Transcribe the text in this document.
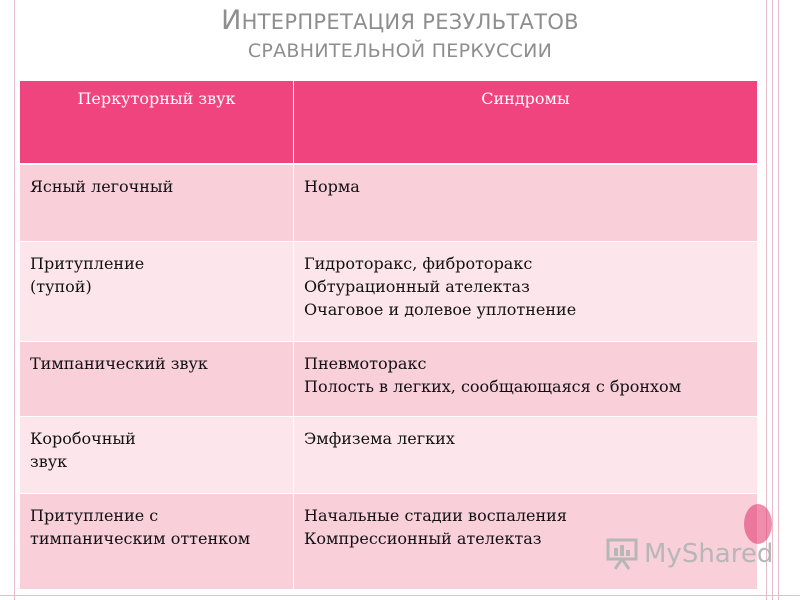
ИНТЕРПРЕТАЦИЯ РЕЗУЛЬТАТОВ
СРАВНИТЕЛЬНОЙ ПЕРКУССИИ
Перкуторный звук	Синдромы
Ясный легочный	Норма

Притупление (тупой)	Гидроторакс, фиброторакс
Обтурационный ателектаз
Очаговое и долевое уплотнение

Тимпанический звук	Пневмоторакс
Полость в легких, сообщающаяся с бронхом

Коробочный звук	Эмфизема легких

Притупление с тимпаническим оттенком	Начальные стадии воспаления
Компрессионный ателектаз
MyShared
